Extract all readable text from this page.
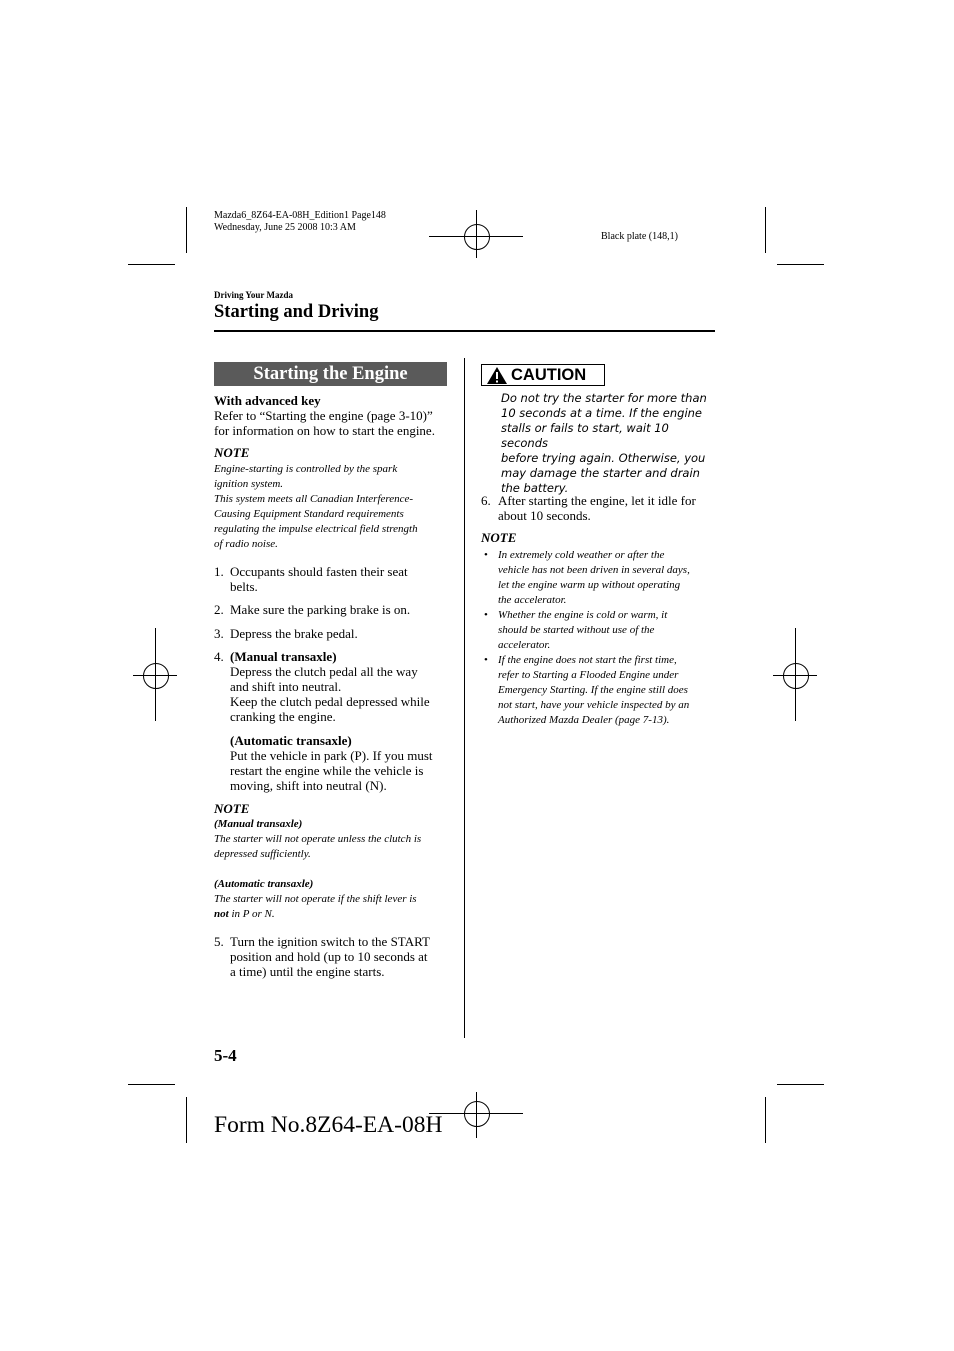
Mazda6_8Z64-EA-08H_Edition1 Page148
Wednesday, June 25 2008 10:3 AM
Black plate (148,1)
Driving Your Mazda
Starting and Driving
Starting the Engine
With advanced key
Refer to “Starting the engine (page 3-10)”
for information on how to start the engine.
NOTE
Engine-starting is controlled by the spark
ignition system.
This system meets all Canadian Interference-
Causing Equipment Standard requirements
regulating the impulse electrical field strength
of radio noise.
1. Occupants should fasten their seat
belts.
2. Make sure the parking brake is on.
3. Depress the brake pedal.
4. (Manual transaxle)
Depress the clutch pedal all the way
and shift into neutral.
Keep the clutch pedal depressed while
cranking the engine.
(Automatic transaxle)
Put the vehicle in park (P). If you must
restart the engine while the vehicle is
moving, shift into neutral (N).
NOTE
(Manual transaxle)
The starter will not operate unless the clutch is
depressed sufficiently.
(Automatic transaxle)
The starter will not operate if the shift lever is
not in P or N.
5. Turn the ignition switch to the START
position and hold (up to 10 seconds at
a time) until the engine starts.
CAUTION
Do not try the starter for more than
10 seconds at a time. If the engine
stalls or fails to start, wait 10 seconds
before trying again. Otherwise, you
may damage the starter and drain
the battery.
6. After starting the engine, let it idle for
about 10 seconds.
NOTE
• In extremely cold weather or after the
vehicle has not been driven in several days,
let the engine warm up without operating
the accelerator.
• Whether the engine is cold or warm, it
should be started without use of the
accelerator.
• If the engine does not start the first time,
refer to Starting a Flooded Engine under
Emergency Starting. If the engine still does
not start, have your vehicle inspected by an
Authorized Mazda Dealer (page 7-13).
5-4
Form No.8Z64-EA-08H
